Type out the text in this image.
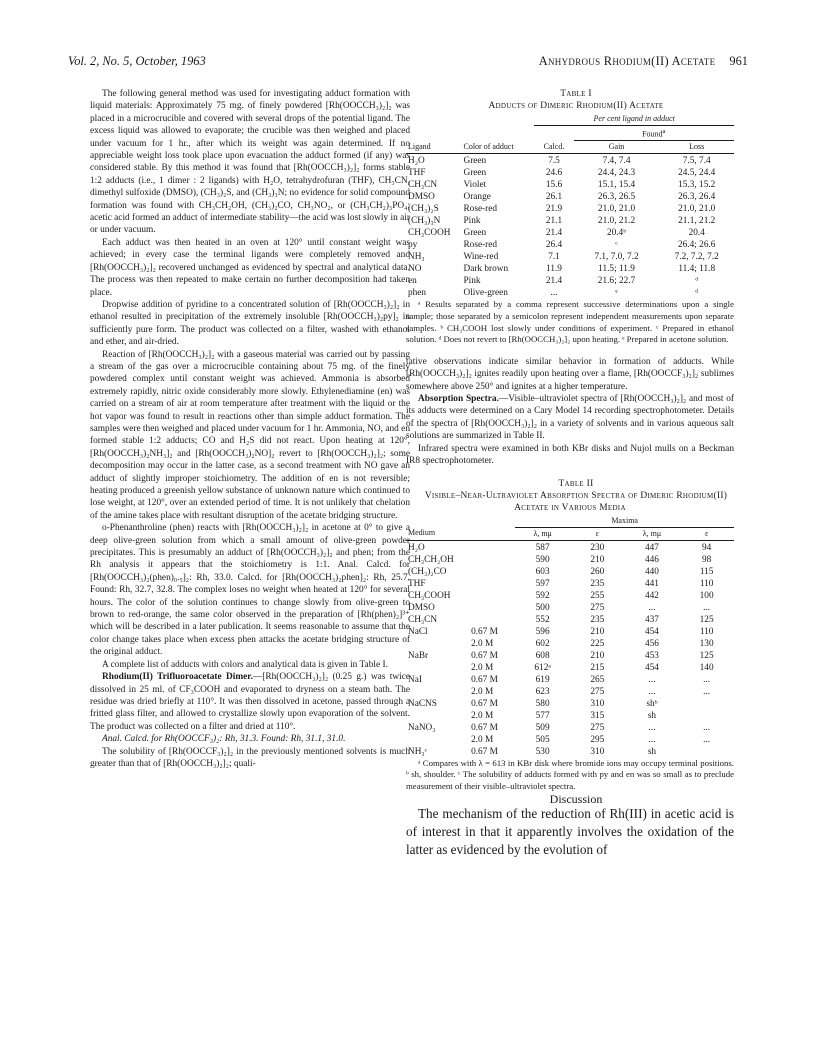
Vol. 2, No. 5, October, 1963	Anhydrous Rhodium(II) Acetate 961

The following general method was used for investigating adduct formation with liquid materials: Approximately 75 mg. of finely powdered [Rh(OOCCH₃)₂]₂ was placed in a microcrucible and covered with several drops of the potential ligand. The excess liquid was allowed to evaporate; the crucible was then weighed and placed under vacuum for 1 hr., after which its weight was again determined. If no appreciable weight loss took place upon evacuation the adduct formed (if any) was considered stable. By this method it was found that [Rh(OOCCH₃)₂]₂ forms stable 1:2 adducts (i.e., 1 dimer : 2 ligands) with H₂O, tetrahydrofuran (THF), CH₃CN, dimethyl sulfoxide (DMSO), (CH₃)₂S, and (CH₃)₃N; no evidence for solid compound formation was found with CH₃CH₂OH, (CH₃)₂CO, CH₃NO₂, or (CH₃CH₂)₃PO₄; acetic acid formed an adduct of intermediate stability—the acid was lost slowly in air or under vacuum.

Each adduct was then heated in an oven at 120° until constant weight was achieved; in every case the terminal ligands were completely removed and [Rh(OOCCH₃)₂]₂ recovered unchanged as evidenced by spectral and analytical data. The process was then repeated to make certain no further decomposition had taken place.

Dropwise addition of pyridine to a concentrated solution of [Rh(OOCCH₃)₂]₂ in ethanol resulted in precipitation of the extremely insoluble [Rh(OOCCH₃)₂py]₂ in sufficiently pure form. The product was collected on a filter, washed with ethanol and ether, and air-dried.

Reaction of [Rh(OOCCH₃)₂]₂ with a gaseous material was carried out by passing a stream of the gas over a microcrucible containing about 75 mg. of the finely powdered complex until constant weight was achieved. Ammonia is absorbed extremely rapidly, nitric oxide considerably more slowly. Ethylenediamine (en) was carried on a stream of air at room temperature after treatment with the liquid or the hot vapor was found to result in reactions other than simple adduct formation. The samples were then weighed and placed under vacuum for 1 hr. Ammonia, NO, and en formed stable 1:2 adducts; CO and H₂S did not react. Upon heating at 120°, [Rh(OOCCH₃)₂NH₃]₂ and [Rh(OOCCH₃)₂NO]₂ revert to [Rh(OOCCH₃)₂]₂; some decomposition may occur in the latter case, as a second treatment with NO gave an adduct of slightly improper stoichiometry. The addition of en is not reversible; heating produced a greenish yellow substance of unknown nature which continued to lose weight, at 120°, over an extended period of time. It is not unlikely that chelation of the amine takes place with resultant disruption of the acetate bridging structure.

o-Phenanthroline (phen) reacts with [Rh(OOCCH₃)₂]₂ in acetone at 0° to give a deep olive-green solution from which a small amount of olive-green powder precipitates. This is presumably an adduct of [Rh(OOCCH₃)₂]₂ and phen; from the Rh analysis it appears that the stoichiometry is 1:1. Anal. Calcd. for [Rh(OOCCH₃)₂(phen)₀.₅]₂: Rh, 33.0. Calcd. for [Rh(OOCCH₃)₂phen]₂: Rh, 25.7. Found: Rh, 32.7, 32.8. The complex loses no weight when heated at 120° for several hours. The color of the solution continues to change slowly from olive-green to brown to red-orange, the same color observed in the preparation of [Rh(phen)₂]³⁺ which will be described in a later publication. It seems reasonable to assume that the color change takes place when excess phen attacks the acetate bridging structure of the original adduct.

A complete list of adducts with colors and analytical data is given in Table I.

Rhodium(II) Trifluoroacetate Dimer.—[Rh(OOCCH₃)₂]₂ (0.25 g.) was twice dissolved in 25 ml. of CF₃COOH and evaporated to dryness on a steam bath. The residue was dried briefly at 110°. It was then dissolved in acetone, passed through a fritted glass filter, and allowed to crystallize slowly upon evaporation of the solvent. The product was collected on a filter and dried at 110°.

Anal. Calcd. for Rh(OOCCF₃)₂: Rh, 31.3. Found: Rh, 31.1, 31.0.

The solubility of [Rh(OOCCF₃)₂]₂ in the previously mentioned solvents is much greater than that of [Rh(OOCCH₃)₂]₂; quali-

Table I

Adducts of Dimeric Rhodium(II) Acetate

		Per cent ligand in adduct		
			Found$^a$
Ligand	Color of adduct	Calcd.	Gain	Loss

H₂O	Green	7.5	7.4, 7.4	7.5, 7.4
THF	Green	24.6	24.4, 24.3	24.5, 24.4
CH₃CN	Violet	15.6	15.1, 15.4	15.3, 15.2
DMSO	Orange	26.1	26.3, 26.5	26.3, 26.4
(CH₃)₂S	Rose-red	21.9	21.0, 21.0	21.0, 21.0
(CH₃)₃N	Pink	21.1	21.0, 21.2	21.1, 21.2
CH₃COOH	Green	21.4	20.4ᵇ	20.4
py	Rose-red	26.4	ᶜ	26.4; 26.6
NH₃	Wine-red	7.1	7.1, 7.0, 7.2	7.2, 7.2, 7.2
NO	Dark brown	11.9	11.5; 11.9	11.4; 11.8
en	Pink	21.4	21.6; 22.7	ᵈ
phen	Olive-green	...	ᵉ	ᵈ

ᵃ Results separated by a comma represent successive determinations upon a single sample; those separated by a semicolon represent independent measurements upon separate samples. ᵇ CH₃COOH lost slowly under conditions of experiment. ᶜ Prepared in ethanol solution. ᵈ Does not revert to [Rh(OOCCH₃)₂]₂ upon heating. ᵉ Prepared in acetone solution.

tative observations indicate similar behavior in formation of adducts. While [Rh(OOCCH₃)₂]₂ ignites readily upon heating over a flame, [Rh(OOCCF₃)₂]₂ sublimes somewhere above 250° and ignites at a higher temperature.

Absorption Spectra.—Visible–ultraviolet spectra of [Rh(OOCCH₃)₂]₂ and most of its adducts were determined on a Cary Model 14 recording spectrophotometer. Details of the spectra of [Rh(OOCCH₃)₂]₂ in a variety of solvents and in various aqueous salt solutions are summarized in Table II.

Infrared spectra were examined in both KBr disks and Nujol mulls on a Beckman IR8 spectrophotometer.

Table II

Visible–Near-Ultraviolet Absorption Spectra of Dimeric Rhodium(II) Acetate in Various Media

		Maxima			
Medium		λ, mμ	ε	λ, mμ	ε

H₂O		587	230	447	94
CH₃CH₂OH		590	210	446	98
(CH₃)₂CO		603	260	440	115
THF		597	235	441	110
CH₃COOH		592	255	442	100
DMSO		500	275	...	...
CH₃CN		552	235	437	125
NaCl	0.67 M	596	210	454	110
	2.0 M	602	225	456	130
NaBr	0.67 M	608	210	453	125
	2.0 M	612ᵃ	215	454	140
NaI	0.67 M	619	265	...	...
	2.0 M	623	275	...	...
NaCNS	0.67 M	580	310	shᵇ	
	2.0 M	577	315	sh	
NaNO₃	0.67 M	509	275	...	...
	2.0 M	505	295	...	...
NH₃ᶜ	0.67 M	530	310	sh	

ᵃ Compares with λ = 613 in KBr disk where bromide ions may occupy terminal positions. ᵇ sh, shoulder. ᶜ The solubility of adducts formed with py and en was so small as to preclude measurement of their visible–ultraviolet spectra.

Discussion

The mechanism of the reduction of Rh(III) in acetic acid is of interest in that it apparently involves the oxidation of the latter as evidenced by the evolution of
